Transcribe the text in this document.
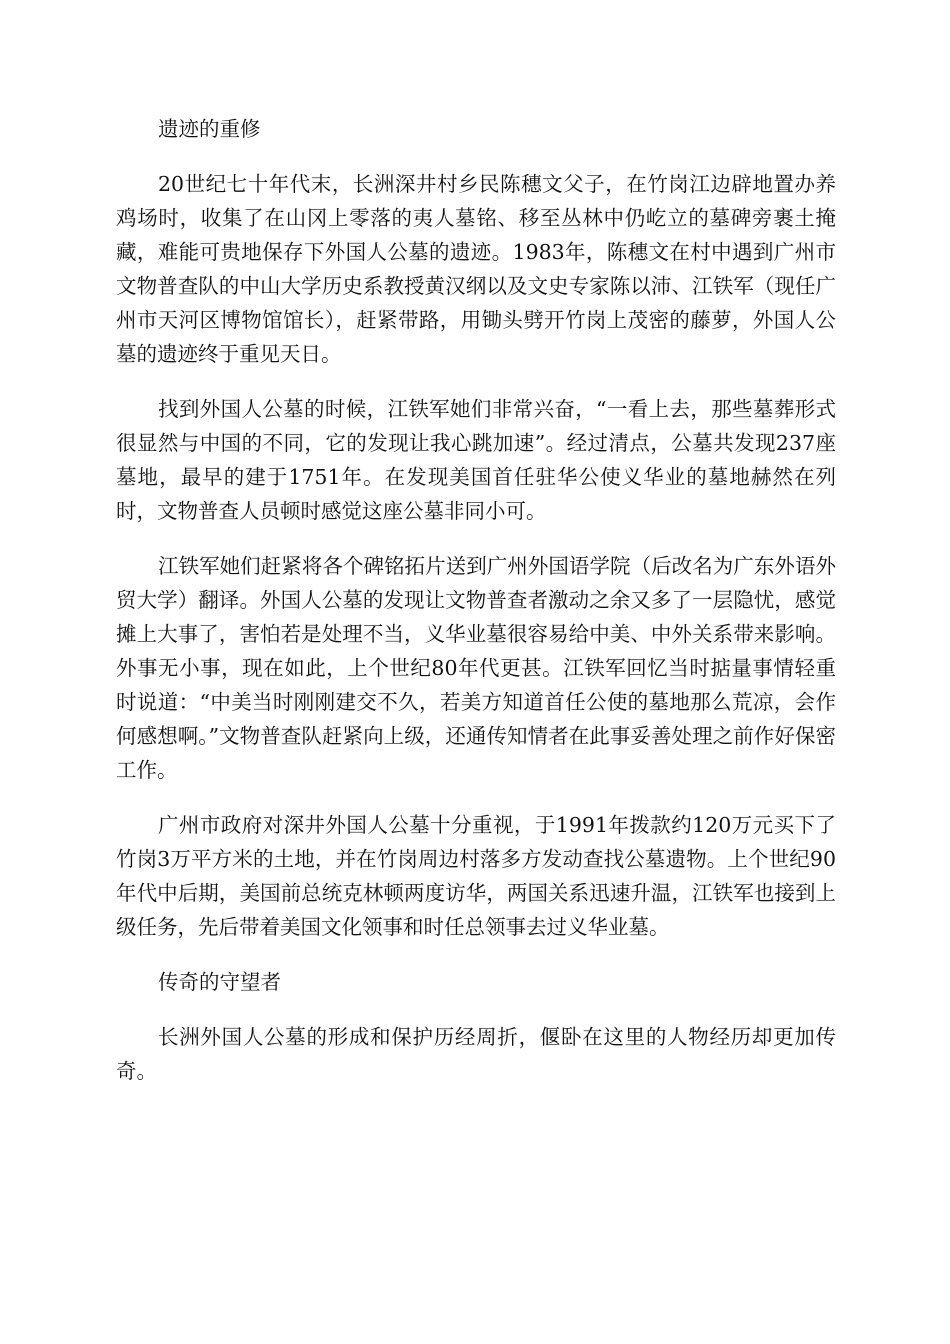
遗迹的重修

20世纪七十年代末，长洲深井村乡民陈穗文父子，在竹岗江边辟地置办养鸡场时，收集了在山冈上零落的夷人墓铭、移至丛林中仍屹立的墓碑旁裹土掩藏，难能可贵地保存下外国人公墓的遗迹。1983年，陈穗文在村中遇到广州市文物普查队的中山大学历史系教授黄汉纲以及文史专家陈以沛、江铁军（现任广州市天河区博物馆馆长），赶紧带路，用锄头劈开竹岗上茂密的藤萝，外国人公墓的遗迹终于重见天日。

找到外国人公墓的时候，江铁军她们非常兴奋，“一看上去，那些墓葬形式很显然与中国的不同，它的发现让我心跳加速”。经过清点，公墓共发现237座墓地，最早的建于1751年。在发现美国首任驻华公使义华业的墓地赫然在列时，文物普查人员顿时感觉这座公墓非同小可。

江铁军她们赶紧将各个碑铭拓片送到广州外国语学院（后改名为广东外语外贸大学）翻译。外国人公墓的发现让文物普查者激动之余又多了一层隐忧，感觉摊上大事了，害怕若是处理不当，义华业墓很容易给中美、中外关系带来影响。外事无小事，现在如此，上个世纪80年代更甚。江铁军回忆当时掂量事情轻重时说道：“中美当时刚刚建交不久，若美方知道首任公使的墓地那么荒凉，会作何感想啊。”文物普查队赶紧向上级，还通传知情者在此事妥善处理之前作好保密工作。

广州市政府对深井外国人公墓十分重视，于1991年拨款约120万元买下了竹岗3万平方米的土地，并在竹岗周边村落多方发动查找公墓遗物。上个世纪90年代中后期，美国前总统克林顿两度访华，两国关系迅速升温，江铁军也接到上级任务，先后带着美国文化领事和时任总领事去过义华业墓。

传奇的守望者

长洲外国人公墓的形成和保护历经周折，偃卧在这里的人物经历却更加传奇。
